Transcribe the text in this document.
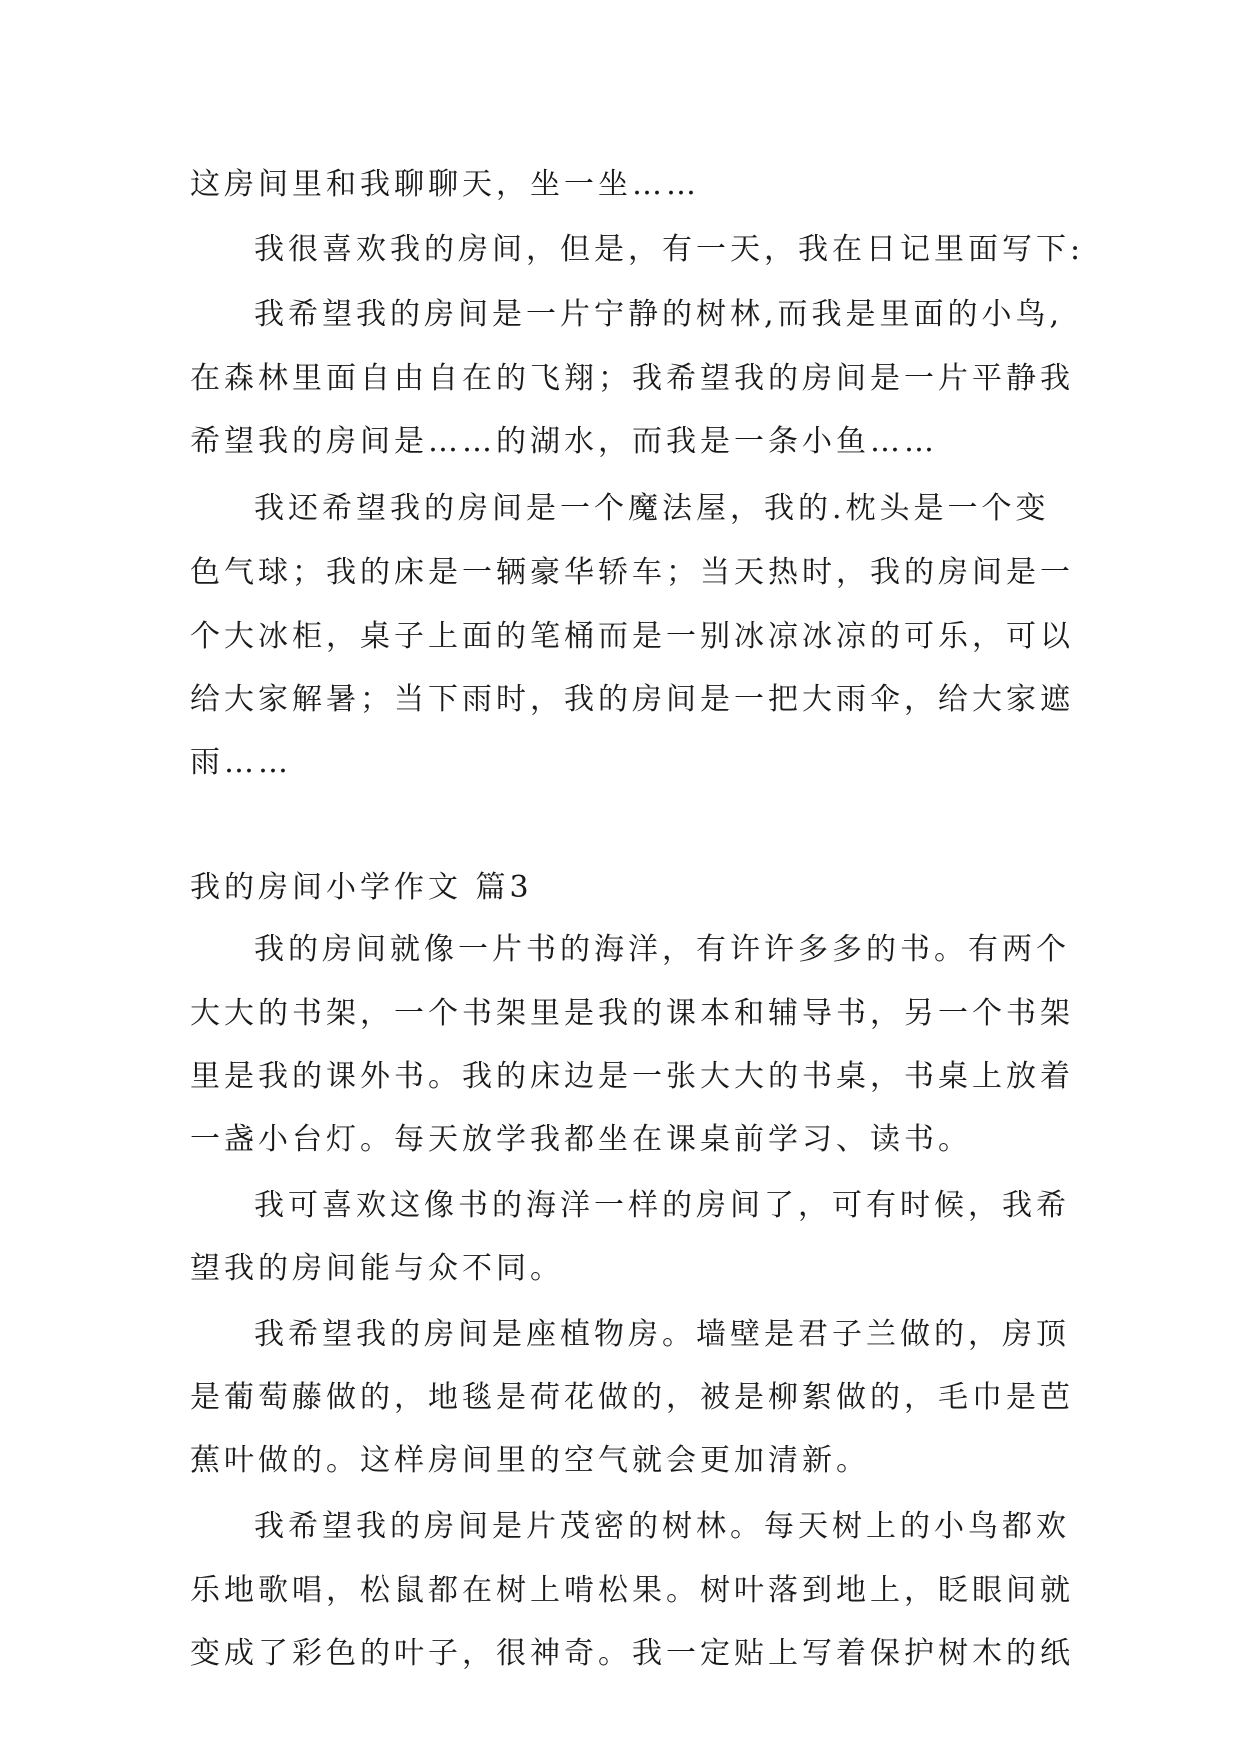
这房间里和我聊聊天，坐一坐……
我很喜欢我的房间，但是，有一天，我在日记里面写下:
我希望我的房间是一片宁静的树林,而我是里面的小鸟,
在森林里面自由自在的飞翔；我希望我的房间是一片平静我
希望我的房间是……的湖水，而我是一条小鱼……
我还希望我的房间是一个魔法屋，我的.枕头是一个变
色气球；我的床是一辆豪华轿车；当天热时，我的房间是一
个大冰柜，桌子上面的笔桶而是一别冰凉冰凉的可乐，可以
给大家解暑；当下雨时，我的房间是一把大雨伞，给大家遮
雨……
我的房间小学作文 篇3
我的房间就像一片书的海洋，有许许多多的书。有两个
大大的书架，一个书架里是我的课本和辅导书，另一个书架
里是我的课外书。我的床边是一张大大的书桌，书桌上放着
一盏小台灯。每天放学我都坐在课桌前学习、读书。
我可喜欢这像书的海洋一样的房间了，可有时候，我希
望我的房间能与众不同。
我希望我的房间是座植物房。墙壁是君子兰做的，房顶
是葡萄藤做的，地毯是荷花做的，被是柳絮做的，毛巾是芭
蕉叶做的。这样房间里的空气就会更加清新。
我希望我的房间是片茂密的树林。每天树上的小鸟都欢
乐地歌唱，松鼠都在树上啃松果。树叶落到地上，眨眼间就
变成了彩色的叶子，很神奇。我一定贴上写着保护树木的纸
